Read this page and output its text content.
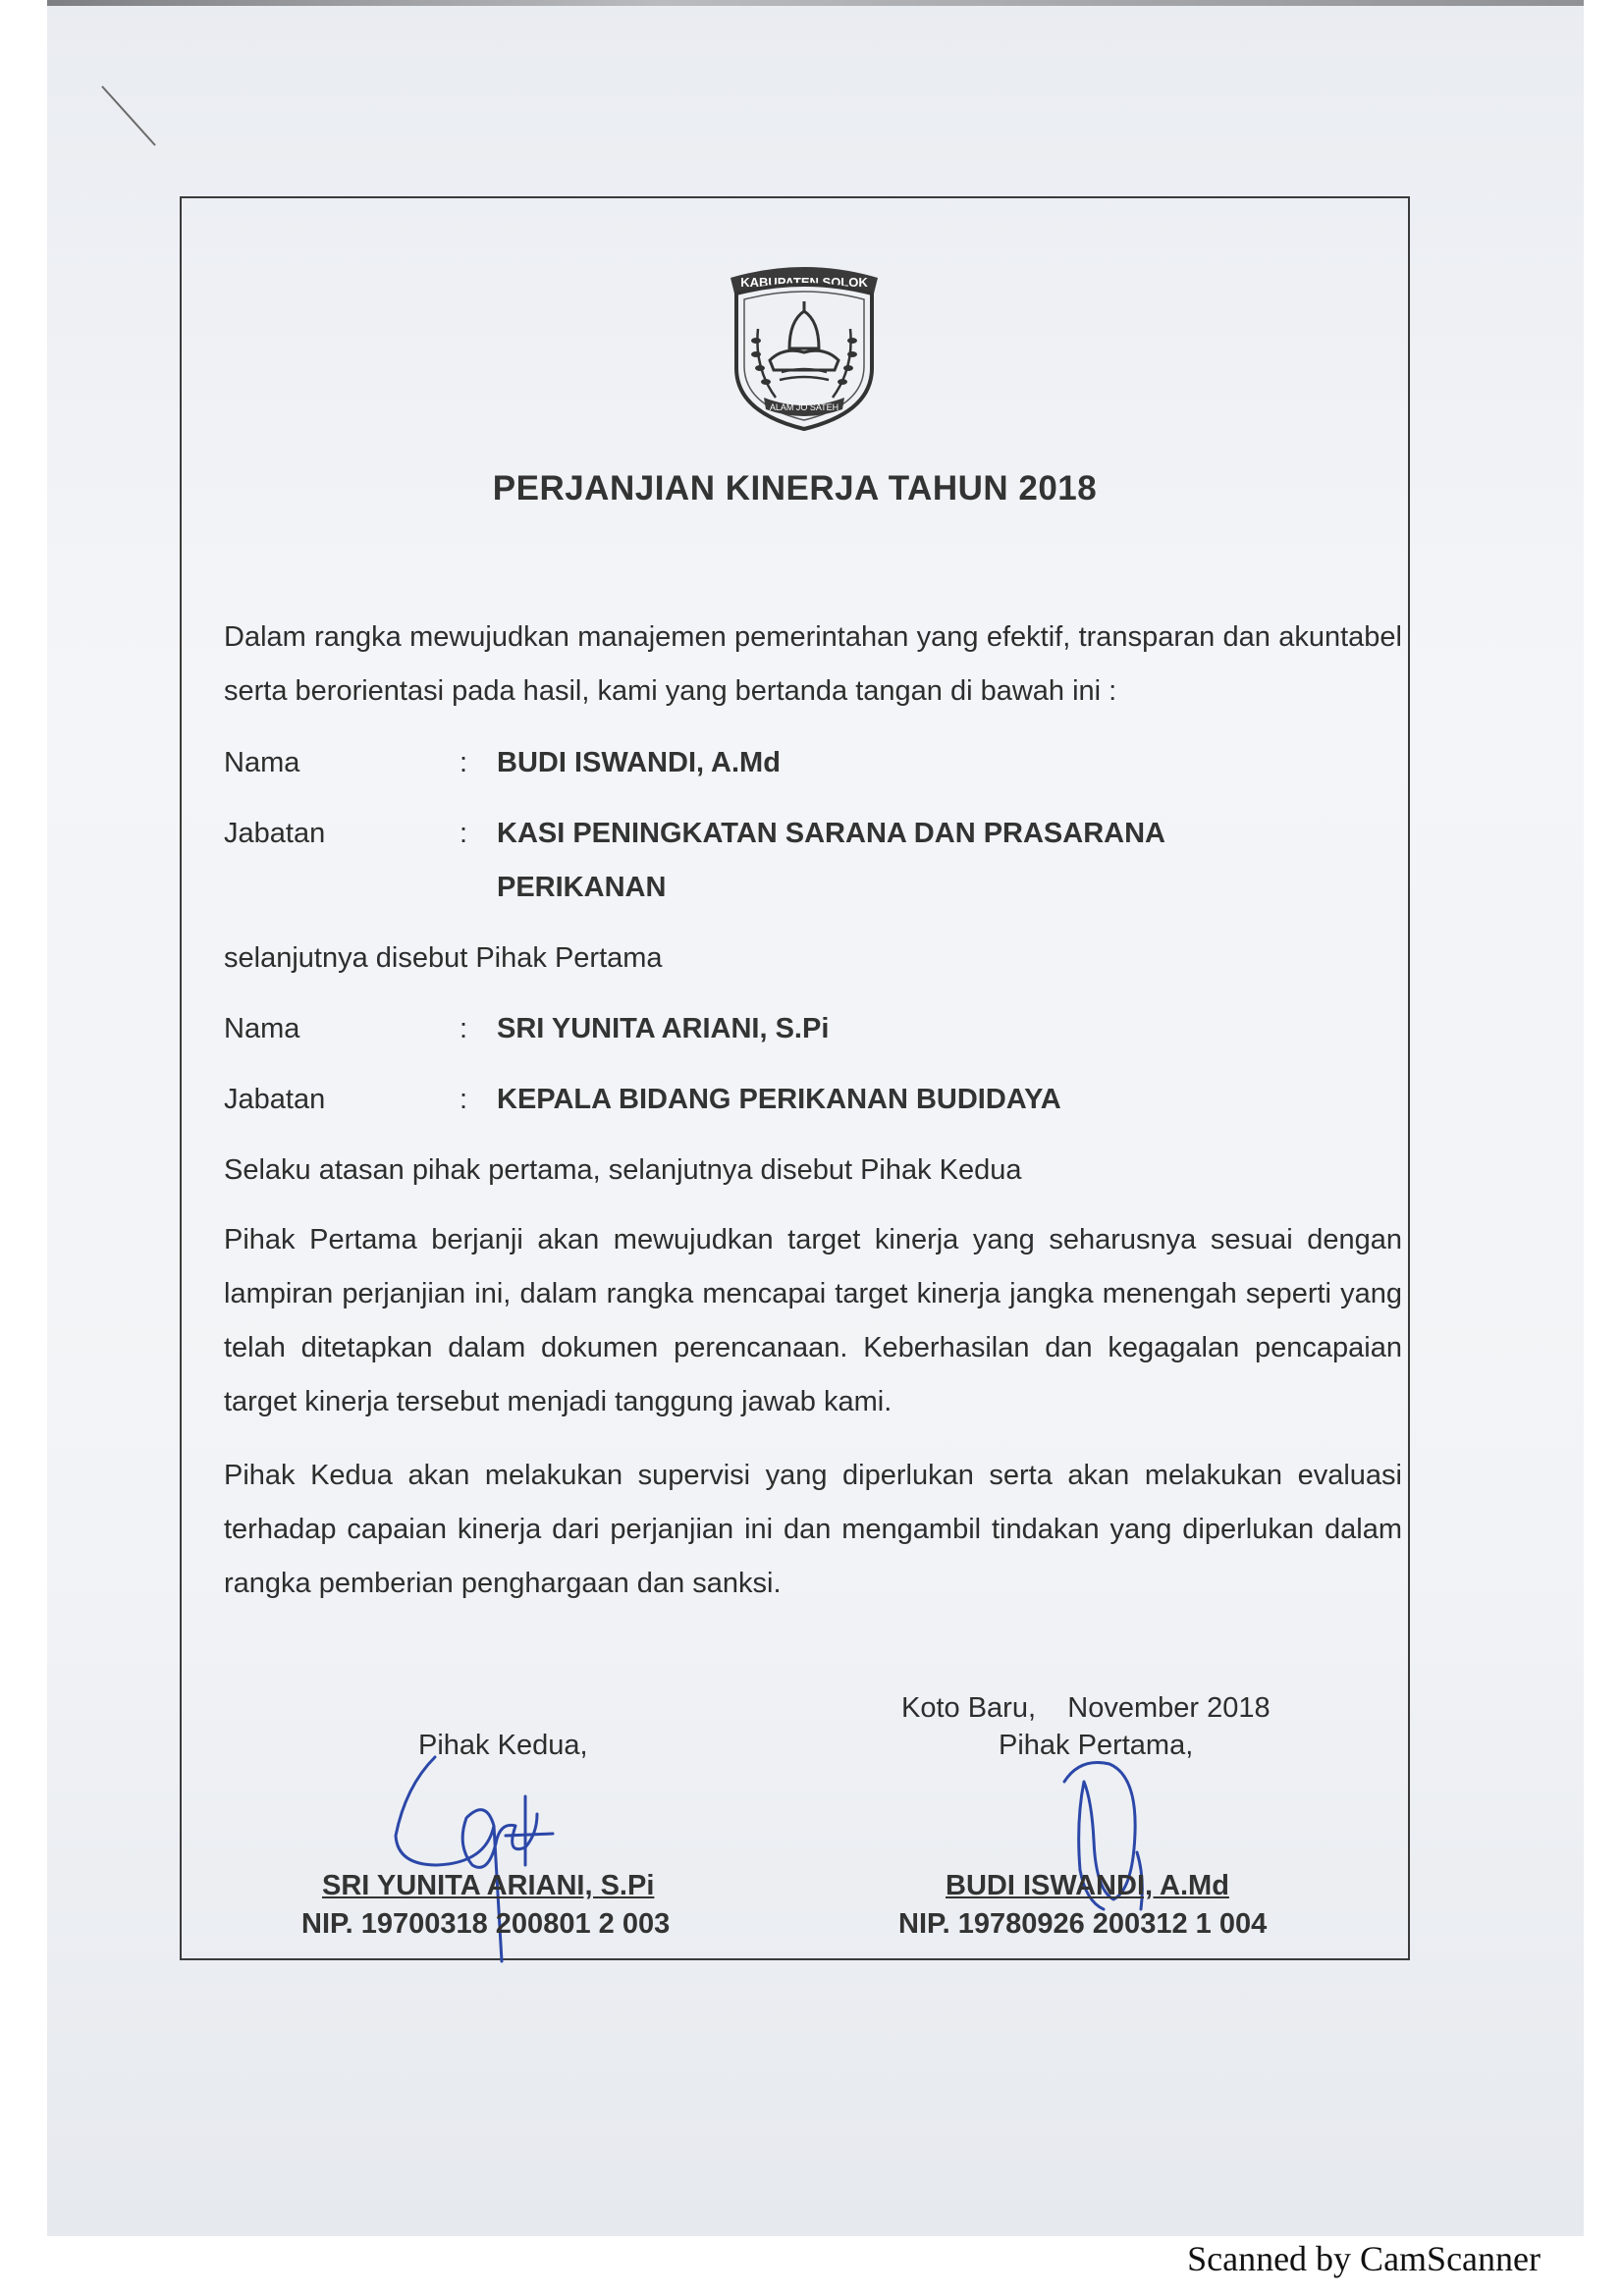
KABUPATEN SOLOK
ALAM JO SATEH
PERJANJIAN KINERJA TAHUN 2018
Dalam rangka mewujudkan manajemen pemerintahan yang efektif, transparan dan akuntabel serta berorientasi pada hasil, kami yang bertanda tangan di bawah ini :
Nama	: BUDI ISWANDI, A.Md
Jabatan	: KASI PENINGKATAN SARANA DAN PRASARANA
PERIKANAN
selanjutnya disebut Pihak Pertama
Nama	: SRI YUNITA ARIANI, S.Pi
Jabatan	: KEPALA BIDANG PERIKANAN BUDIDAYA
Selaku atasan pihak pertama, selanjutnya disebut Pihak Kedua
Pihak Pertama berjanji akan mewujudkan target kinerja yang seharusnya sesuai dengan lampiran perjanjian ini, dalam rangka mencapai target kinerja jangka menengah seperti yang telah ditetapkan dalam dokumen perencanaan. Keberhasilan dan kegagalan pencapaian target kinerja tersebut menjadi tanggung jawab kami.
Pihak Kedua akan melakukan supervisi yang diperlukan serta akan melakukan evaluasi terhadap capaian kinerja dari perjanjian ini dan mengambil tindakan yang diperlukan dalam rangka pemberian penghargaan dan sanksi.
Koto Baru,    November 2018
Pihak Kedua,	Pihak Pertama,
SRI YUNITA ARIANI, S.Pi
NIP. 19700318 200801 2 003
BUDI ISWANDI, A.Md
NIP. 19780926 200312 1 004
Scanned by CamScanner
